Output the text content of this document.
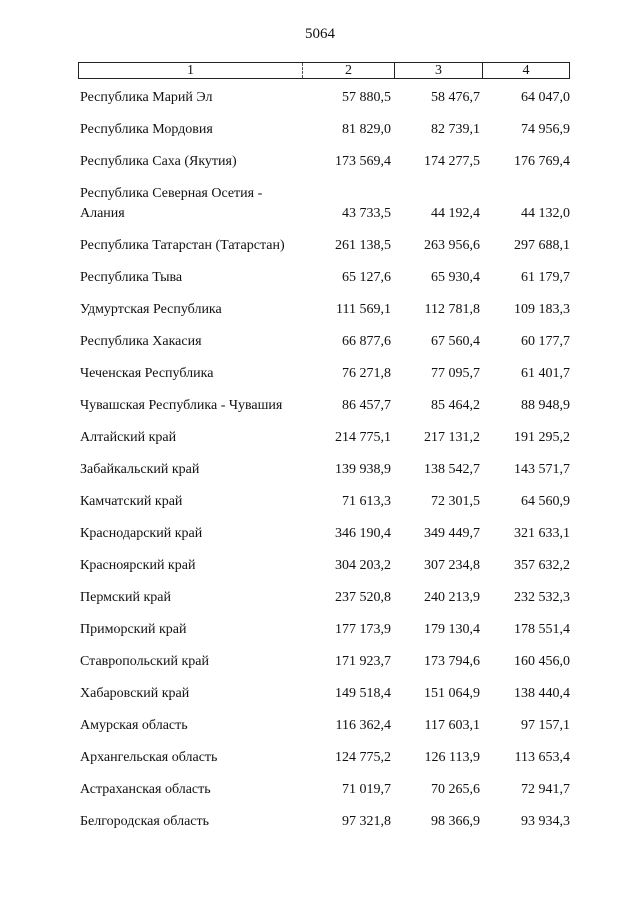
5064
1	2	3	4
Республика Марий Эл	57 880,5	58 476,7	64 047,0
Республика Мордовия	81 829,0	82 739,1	74 956,9
Республика Саха (Якутия)	173 569,4	174 277,5	176 769,4
Республика Северная Осетия -
Алания	43 733,5	44 192,4	44 132,0
Республика Татарстан (Татарстан)	261 138,5	263 956,6	297 688,1
Республика Тыва	65 127,6	65 930,4	61 179,7
Удмуртская Республика	111 569,1	112 781,8	109 183,3
Республика Хакасия	66 877,6	67 560,4	60 177,7
Чеченская Республика	76 271,8	77 095,7	61 401,7
Чувашская Республика - Чувашия	86 457,7	85 464,2	88 948,9
Алтайский край	214 775,1	217 131,2	191 295,2
Забайкальский край	139 938,9	138 542,7	143 571,7
Камчатский край	71 613,3	72 301,5	64 560,9
Краснодарский край	346 190,4	349 449,7	321 633,1
Красноярский край	304 203,2	307 234,8	357 632,2
Пермский край	237 520,8	240 213,9	232 532,3
Приморский край	177 173,9	179 130,4	178 551,4
Ставропольский край	171 923,7	173 794,6	160 456,0
Хабаровский край	149 518,4	151 064,9	138 440,4
Амурская область	116 362,4	117 603,1	97 157,1
Архангельская область	124 775,2	126 113,9	113 653,4
Астраханская область	71 019,7	70 265,6	72 941,7
Белгородская область	97 321,8	98 366,9	93 934,3
